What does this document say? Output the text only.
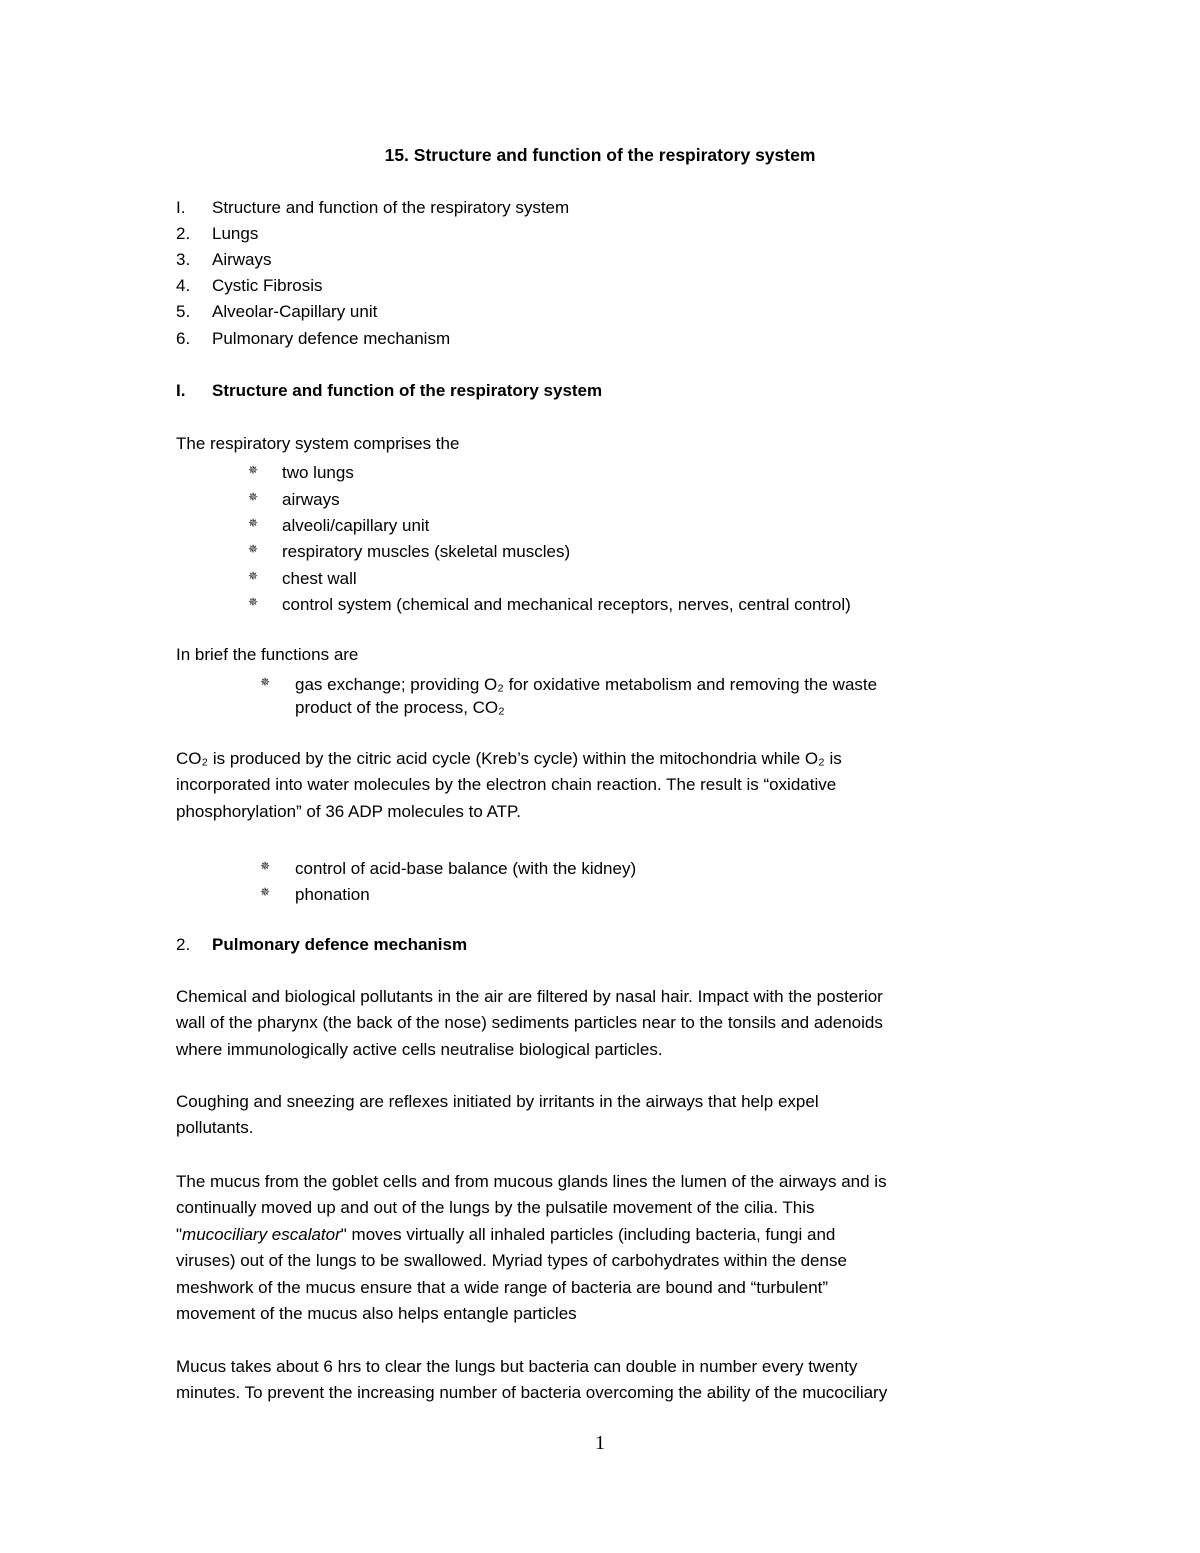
15. Structure and function of the respiratory system
I. Structure and function of the respiratory system
2. Lungs
3. Airways
4. Cystic Fibrosis
5. Alveolar-Capillary unit
6. Pulmonary defence mechanism
I. Structure and function of the respiratory system
The respiratory system comprises the
✵ two lungs
✵ airways
✵ alveoli/capillary unit
✵ respiratory muscles (skeletal muscles)
✵ chest wall
✵ control system (chemical and mechanical receptors, nerves, central control)
In brief the functions are
✵ gas exchange; providing O₂ for oxidative metabolism and removing the waste
product of the process, CO₂

CO₂ is produced by the citric acid cycle (Kreb’s cycle) within the mitochondria while O₂ is

incorporated into water molecules by the electron chain reaction. The result is “oxidative

phosphorylation” of 36 ADP molecules to ATP.

✵ control of acid-base balance (with the kidney)
✵ phonation
2. Pulmonary defence mechanism

Chemical and biological pollutants in the air are filtered by nasal hair. Impact with the posterior

wall of the pharynx (the back of the nose) sediments particles near to the tonsils and adenoids

where immunologically active cells neutralise biological particles.

Coughing and sneezing are reflexes initiated by irritants in the airways that help expel

pollutants.

The mucus from the goblet cells and from mucous glands lines the lumen of the airways and is

continually moved up and out of the lungs by the pulsatile movement of the cilia. This

"mucociliary escalator" moves virtually all inhaled particles (including bacteria, fungi and

viruses) out of the lungs to be swallowed. Myriad types of carbohydrates within the dense

meshwork of the mucus ensure that a wide range of bacteria are bound and “turbulent”

movement of the mucus also helps entangle particles

Mucus takes about 6 hrs to clear the lungs but bacteria can double in number every twenty

minutes. To prevent the increasing number of bacteria overcoming the ability of the mucociliary

1
